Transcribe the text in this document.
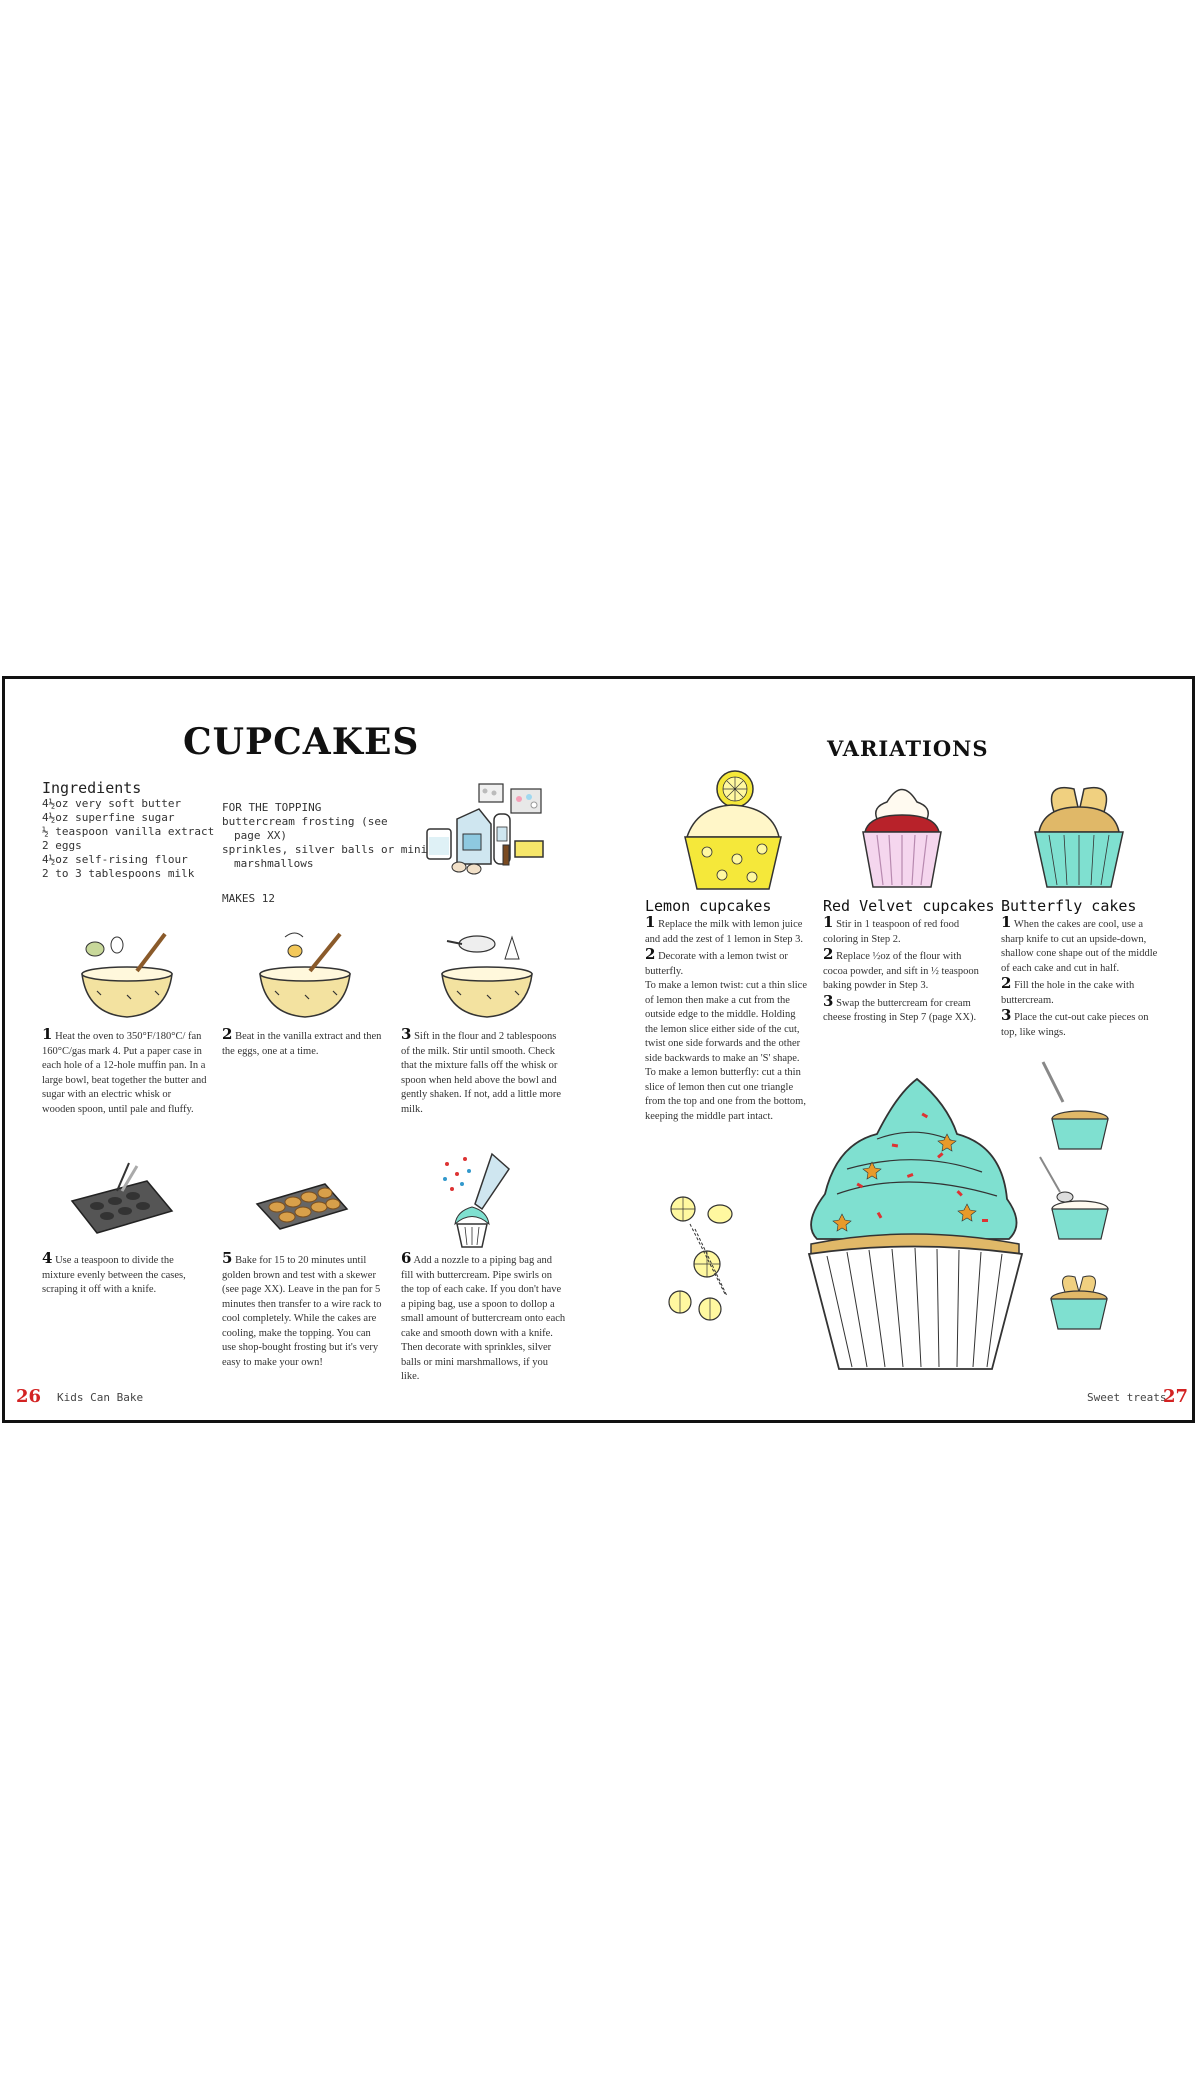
CUPCAKES
Ingredients
4½oz very soft butter
4½oz superfine sugar
½ teaspoon vanilla extract
2 eggs
4½oz self-rising flour
2 to 3 tablespoons milk
FOR THE TOPPING
buttercream frosting (see
page XX)
sprinkles, silver balls or mini
marshmallows
MAKES 12
1 Heat the oven to 350°F/180°C/ fan 160°C/gas mark 4. Put a paper case in each hole of a 12-hole muffin pan. In a large bowl, beat together the butter and sugar with an electric whisk or wooden spoon, until pale and fluffy.
2 Beat in the vanilla extract and then the eggs, one at a time.
3 Sift in the flour and 2 tablespoons of the milk. Stir until smooth. Check that the mixture falls off the whisk or spoon when held above the bowl and gently shaken. If not, add a little more milk.
4 Use a teaspoon to divide the mixture evenly between the cases, scraping it off with a knife.
5 Bake for 15 to 20 minutes until golden brown and test with a skewer (see page XX). Leave in the pan for 5 minutes then transfer to a wire rack to cool completely. While the cakes are cooling, make the topping. You can use shop-bought frosting but it's very easy to make your own!
6 Add a nozzle to a piping bag and fill with buttercream. Pipe swirls on the top of each cake. If you don't have a piping bag, use a spoon to dollop a small amount of buttercream onto each cake and smooth down with a knife. Then decorate with sprinkles, silver balls or mini marshmallows, if you like.
26 Kids Can Bake
VARIATIONS
Lemon cupcakes
1 Replace the milk with lemon juice and add the zest of 1 lemon in Step 3.
2 Decorate with a lemon twist or butterfly.
To make a lemon twist: cut a thin slice of lemon then make a cut from the outside edge to the middle. Holding the lemon slice either side of the cut, twist one side forwards and the other side backwards to make an 'S' shape.
To make a lemon butterfly: cut a thin slice of lemon then cut one triangle from the top and one from the bottom, keeping the middle part intact.
Red Velvet cupcakes
1 Stir in 1 teaspoon of red food coloring in Step 2.
2 Replace ½oz of the flour with cocoa powder, and sift in ½ teaspoon baking powder in Step 3.
3 Swap the buttercream for cream cheese frosting in Step 7 (page XX).
Butterfly cakes
1 When the cakes are cool, use a sharp knife to cut an upside-down, shallow cone shape out of the middle of each cake and cut in half.
2 Fill the hole in the cake with buttercream.
3 Place the cut-out cake pieces on top, like wings.
Sweet treats
27
